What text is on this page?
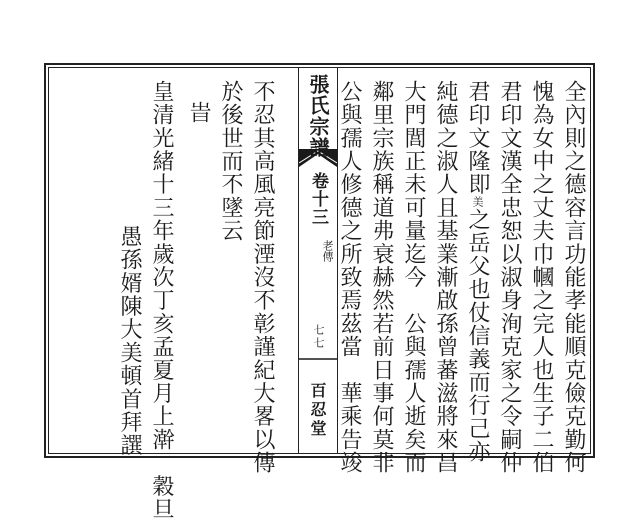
張氏宗譜
卷十三
老傳
七七
百忍堂	全內則之德容言功能孝能順克儉克勤何
愧為女中之丈夫巾幗之完人也生子二伯
君印文漢全忠恕以淑身洵克家之令嗣仲
君印文隆即美之岳父也仗信義而行己亦
純德之淑人且基業漸啟孫曾蕃滋將來昌
大門閭正未可量迄今　公與孺人逝矣而
鄰里宗族稱道弗衰赫然若前日事何莫非
公與孺人修德之所致焉茲當　華乘告竣
不忍其高風亮節湮沒不彰謹紀大畧以傳
於後世而不墜云
旹
皇清光緒十三年歲次丁亥孟夏月上澣　穀旦
愚孫婿陳大美頓首拜譔
